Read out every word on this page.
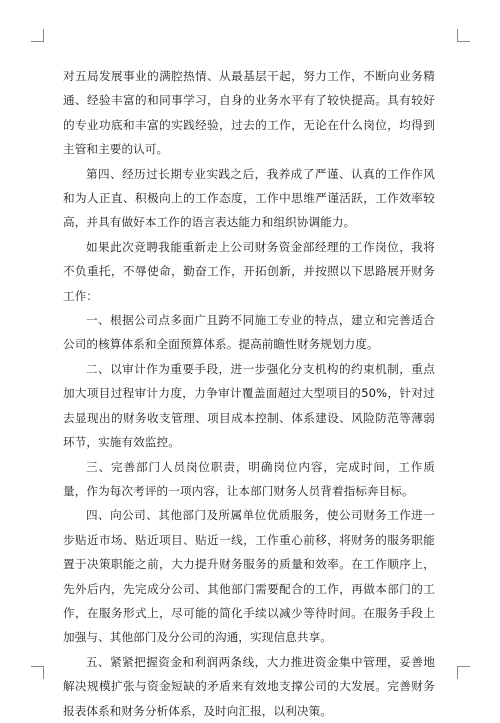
对五局发展事业的满腔热情、从最基层干起，努力工作，不断向业务精通、经验丰富的和同事学习，自身的业务水平有了较快提高。具有较好的专业功底和丰富的实践经验，过去的工作，无论在什么岗位，均得到主管和主要的认可。

第四、经历过长期专业实践之后，我养成了严谨、认真的工作作风和为人正直、积极向上的工作态度，工作中思维严谨活跃，工作效率较高，并具有做好本工作的语言表达能力和组织协调能力。

如果此次竞聘我能重新走上公司财务资金部经理的工作岗位，我将不负重托，不辱使命，勤奋工作，开拓创新，并按照以下思路展开财务工作：

一、根据公司点多面广且跨不同施工专业的特点，建立和完善适合公司的核算体系和全面预算体系。提高前瞻性财务规划力度。

二、以审计作为重要手段，进一步强化分支机构的约束机制，重点加大项目过程审计力度，力争审计覆盖面超过大型项目的50%，针对过去显现出的财务收支管理、项目成本控制、体系建设、风险防范等薄弱环节，实施有效监控。

三、完善部门人员岗位职责，明确岗位内容，完成时间，工作质量，作为每次考评的一项内容，让本部门财务人员背着指标奔目标。

四、向公司、其他部门及所属单位优质服务，使公司财务工作进一步贴近市场、贴近项目、贴近一线，工作重心前移，将财务的服务职能置于决策职能之前，大力提升财务服务的质量和效率。在工作顺序上，先外后内，先完成分公司、其他部门需要配合的工作，再做本部门的工作，在服务形式上，尽可能的简化手续以减少等待时间。在服务手段上加强与、其他部门及分公司的沟通，实现信息共享。

五、紧紧把握资金和利润两条线，大力推进资金集中管理，妥善地解决规模扩张与资金短缺的矛盾来有效地支撑公司的大发展。完善财务报表体系和财务分析体系，及时向汇报，以利决策。
